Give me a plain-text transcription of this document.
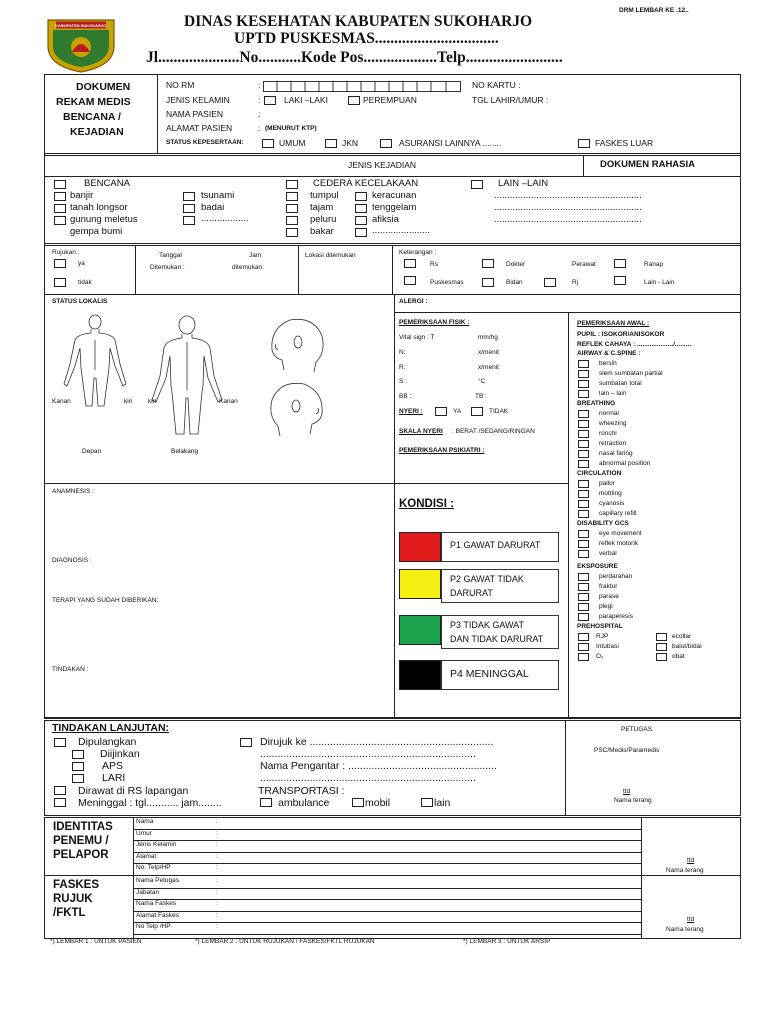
DRM LEMBAR KE .12..
KABUPATEN SUKOHARJO	DINAS KESEHATAN KABUPATEN SUKOHARJO
UPTD PUSKESMAS................................
Jl.....................No...........Kode Pos...................Telp.........................
DOKUMEN
REKAM MEDIS
BENCANA /
KEJADIAN
NO RM	:	NO KARTU :
JENIS KELAMIN	:	LAKI –LAKI	PEREMPUAN	TGL LAHIR/UMUR :
NAMA PASIEN	:
ALAMAT PASIEN	: (MENURUT KTP)
STATUS KEPESERTAAN:	UMUM	JKN	ASURANSI LAINNYA ........	FASKES LUAR
JENIS KEJADIAN	DOKUMEN RAHASIA
BENCANA
banjir
tanah longsor
gunung meletus
gempa bumi
tsunami
badai
..................
CEDERA KECELAKAAN
tumpul
tajam
peluru
bakar
keracunan
tenggelam
afiksia
......................
LAIN –LAIN
........................................................
........................................................
........................................................
Rujukan :
ya
tidak
Tanggal
Ditemukan :
Jam
ditemukan:
Lokasi ditemukan	Keterangan :
Rs	Dokter	Perawat	Ranap
Puskesmas	Bidan	Rj	Lain - Lain
STATUS LOKALIS	ALERGI :
Kanan	kiri kiri	Kanan
Depan	Belakang
ANAMNESIS :
DIAGNOSIS :
TERAPI YANG SUDAH DIBERIKAN:
TINDAKAN :
PEMERIKSAAN FISIK :
Vital sign : T	mm/hg
N:	x/menit
R:	x/menit
S :	°C
BB :	TB :
NYERI :	YA	TIDAK
SKALA NYERI : BERAT /SEDANG/RINGAN
PEMERIKSAAN PSIKIATRI :
KONDISI :
P1 GAWAT DARURAT
P2 GAWAT TIDAK
DARURAT
P3 TIDAK GAWAT
DAN TIDAK DARURAT
P4 MENINGGAL
PEMERIKSAAN AWAL :
PUPIL : ISOKOR/ANISOKOR
REFLEK CAHAYA : ..................../.........
AIRWAY & C.SPINE :
bersih
slem sumbatan partial
sumbatan total
lain – lain
BREATHING
normal
wheezing
ronchi
retraction
nasal faring
abnormal position
CIRCULATION
pallor
mottling
cyanosis
capillary refill
DISABILITY GCS
eye movement
reflek motorik
verbal
EKSPOSURE
perdarahan
fraktur
parase
plegi
paraperesis
PREHOSPITAL
RJP	ecollar
Intubasi	balut/bidai
O₂	obat
TINDAKAN LANJUTAN:
Dipulangkan
Diijinkan
APS
LARI
Dirawat di RS lapangan
Meninggal : tgl........... jam........
Dirujuk ke ...............................................................
..........................................................................
Nama Pengantar : ...................................................
..........................................................................
TRANSPORTASI :
ambulance	mobil	lain
PETUGAS
PSC/Medis/Paramedis
ttd
Nama terang
IDENTITAS
PENEMU /
PELAPOR
FASKES
RUJUK
/FKTL
Nama	:
Umur	:
Jenis Kelamin	:
Alamat	:
No. Telp/HP	:
Nama Petugas	:
Jabatan	:
Nama Faskes	:
Alamat Faskes	:
No Telp /HP	:
ttd
Nama terang
ttd
Nama terang
*) LEMBAR 1 : UNTUK PASIEN	*) LEMBAR 2 : UNTUK RUJUKAN / FASKES/FKTL RUJUKAN	*) LEMBAR 3 : UNTUK ARSIP
